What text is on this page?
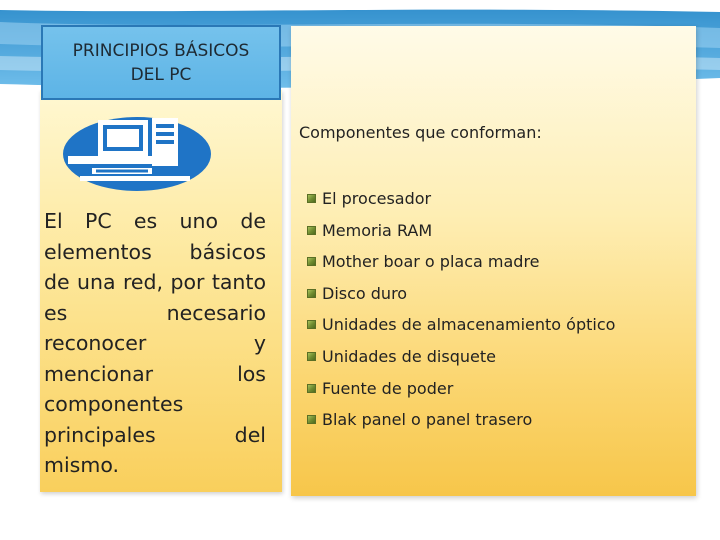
PRINCIPIOS BÁSICOS
DEL PC
El PC es uno de elementos básicos de una red, por tanto es necesario reconocer y mencionar los componentes principales del mismo.
Componentes que conforman:
El procesador
Memoria RAM
Mother boar o placa madre
Disco duro
Unidades de almacenamiento óptico
Unidades de disquete
Fuente de poder
Blak panel o panel trasero
